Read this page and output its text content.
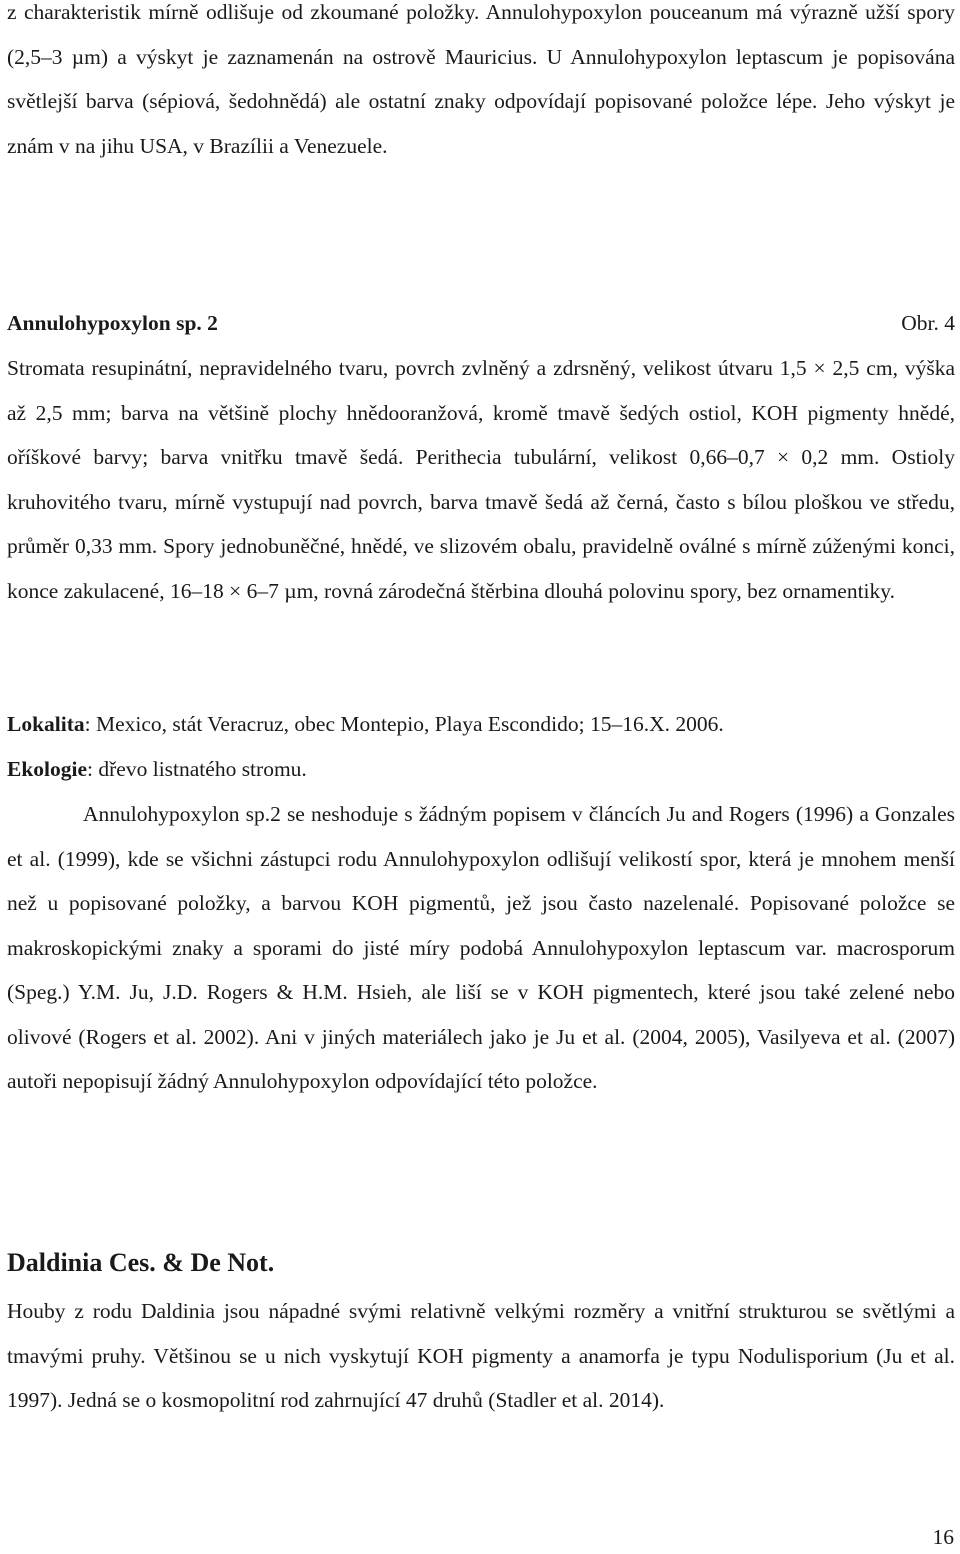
z charakteristik mírně odlišuje od zkoumané položky. Annulohypoxylon pouceanum má výrazně užší spory (2,5–3 µm) a výskyt je zaznamenán na ostrově Mauricius. U Annulohypoxylon leptascum je popisována světlejší barva (sépiová, šedohnědá) ale ostatní znaky odpovídají popisované položce lépe. Jeho výskyt je znám v na jihu USA, v Brazílii a Venezuele.

Annulohypoxylon sp. 2	Obr. 4

Stromata resupinátní, nepravidelného tvaru, povrch zvlněný a zdrsněný, velikost útvaru 1,5 × 2,5 cm, výška až 2,5 mm; barva na většině plochy hnědooranžová, kromě tmavě šedých ostiol, KOH pigmenty hnědé, oříškové barvy; barva vnitřku tmavě šedá. Perithecia tubulární, velikost 0,66–0,7 × 0,2 mm. Ostioly kruhovitého tvaru, mírně vystupují nad povrch, barva tmavě šedá až černá, často s bílou ploškou ve středu, průměr 0,33 mm. Spory jednobuněčné, hnědé, ve slizovém obalu, pravidelně oválné s mírně zúženými konci, konce zakulacené, 16–18 × 6–7 µm, rovná zárodečná štěrbina dlouhá polovinu spory, bez ornamentiky.

Lokalita: Mexico, stát Veracruz, obec Montepio, Playa Escondido; 15–16.X. 2006.

Ekologie: dřevo listnatého stromu.

Annulohypoxylon sp.2 se neshoduje s žádným popisem v článcích Ju and Rogers (1996) a Gonzales et al. (1999), kde se všichni zástupci rodu Annulohypoxylon odlišují velikostí spor, která je mnohem menší než u popisované položky, a barvou KOH pigmentů, jež jsou často nazelenalé. Popisované položce se makroskopickými znaky a sporami do jisté míry podobá Annulohypoxylon leptascum var. macrosporum (Speg.) Y.M. Ju, J.D. Rogers & H.M. Hsieh, ale liší se v KOH pigmentech, které jsou také zelené nebo olivové (Rogers et al. 2002). Ani v jiných materiálech jako je Ju et al. (2004, 2005), Vasilyeva et al. (2007) autoři nepopisují žádný Annulohypoxylon odpovídající této položce.

Daldinia Ces. & De Not.

Houby z rodu Daldinia jsou nápadné svými relativně velkými rozměry a vnitřní strukturou se světlými a tmavými pruhy. Většinou se u nich vyskytují KOH pigmenty a anamorfa je typu Nodulisporium (Ju et al. 1997). Jedná se o kosmopolitní rod zahrnující 47 druhů (Stadler et al. 2014).

16
